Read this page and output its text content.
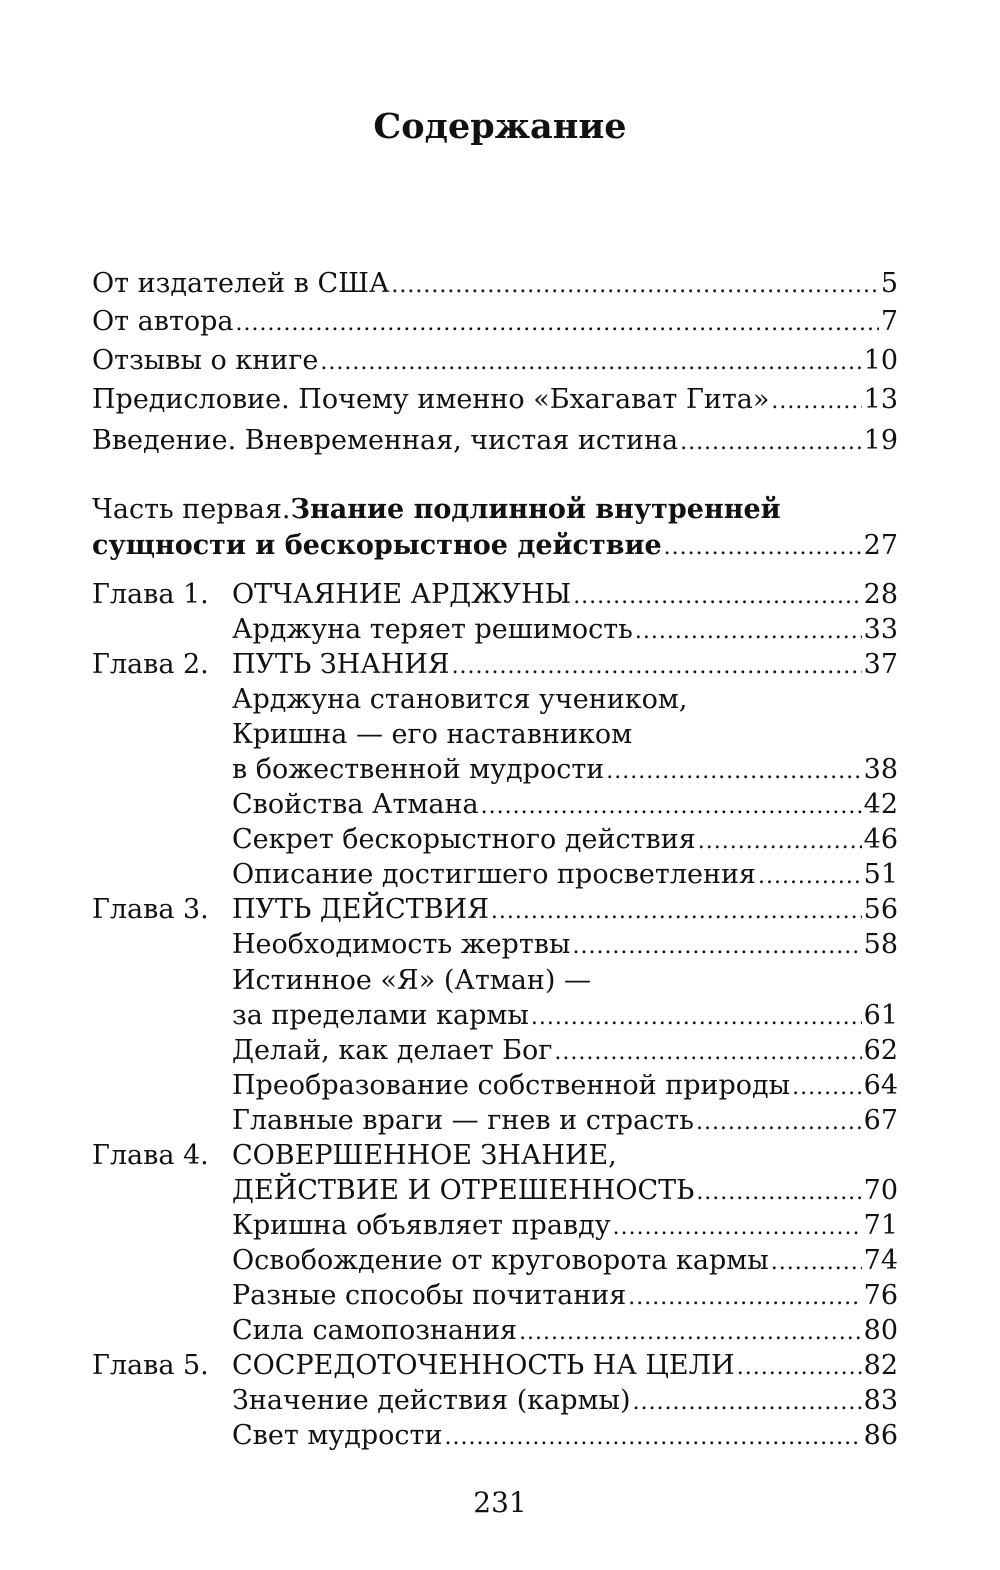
Содержание
От издателей в США .....	5
От автора .....	7
Отзывы о книге .....	10
Предисловие. Почему именно «Бхагават Гита» .....	13
Введение. Вневременная, чистая истина .....	19
Часть первая. Знание подлинной внутренней
сущности и бескорыстное действие .....	27
Глава 1. ОТЧАЯНИЕ АРДЖУНЫ .....	28
Арджуна теряет решимость .....	33
Глава 2. ПУТЬ ЗНАНИЯ .....	37
Арджуна становится учеником,
Кришна — его наставником
в божественной мудрости .....	38
Свойства Атмана .....	42
Секрет бескорыстного действия .....	46
Описание достигшего просветления .....	51
Глава 3. ПУТЬ ДЕЙСТВИЯ .....	56
Необходимость жертвы .....	58
Истинное «Я» (Атман) —
за пределами кармы .....	61
Делай, как делает Бог .....	62
Преобразование собственной природы .....	64
Главные враги — гнев и страсть .....	67
Глава 4. СОВЕРШЕННОЕ ЗНАНИЕ,
ДЕЙСТВИЕ И ОТРЕШЕННОСТЬ .....	70
Кришна объявляет правду .....	71
Освобождение от круговорота кармы .....	74
Разные способы почитания .....	76
Сила самопознания .....	80
Глава 5. СОСРЕДОТОЧЕННОСТЬ НА ЦЕЛИ .....	82
Значение действия (кармы) .....	83
Свет мудрости .....	86
231
